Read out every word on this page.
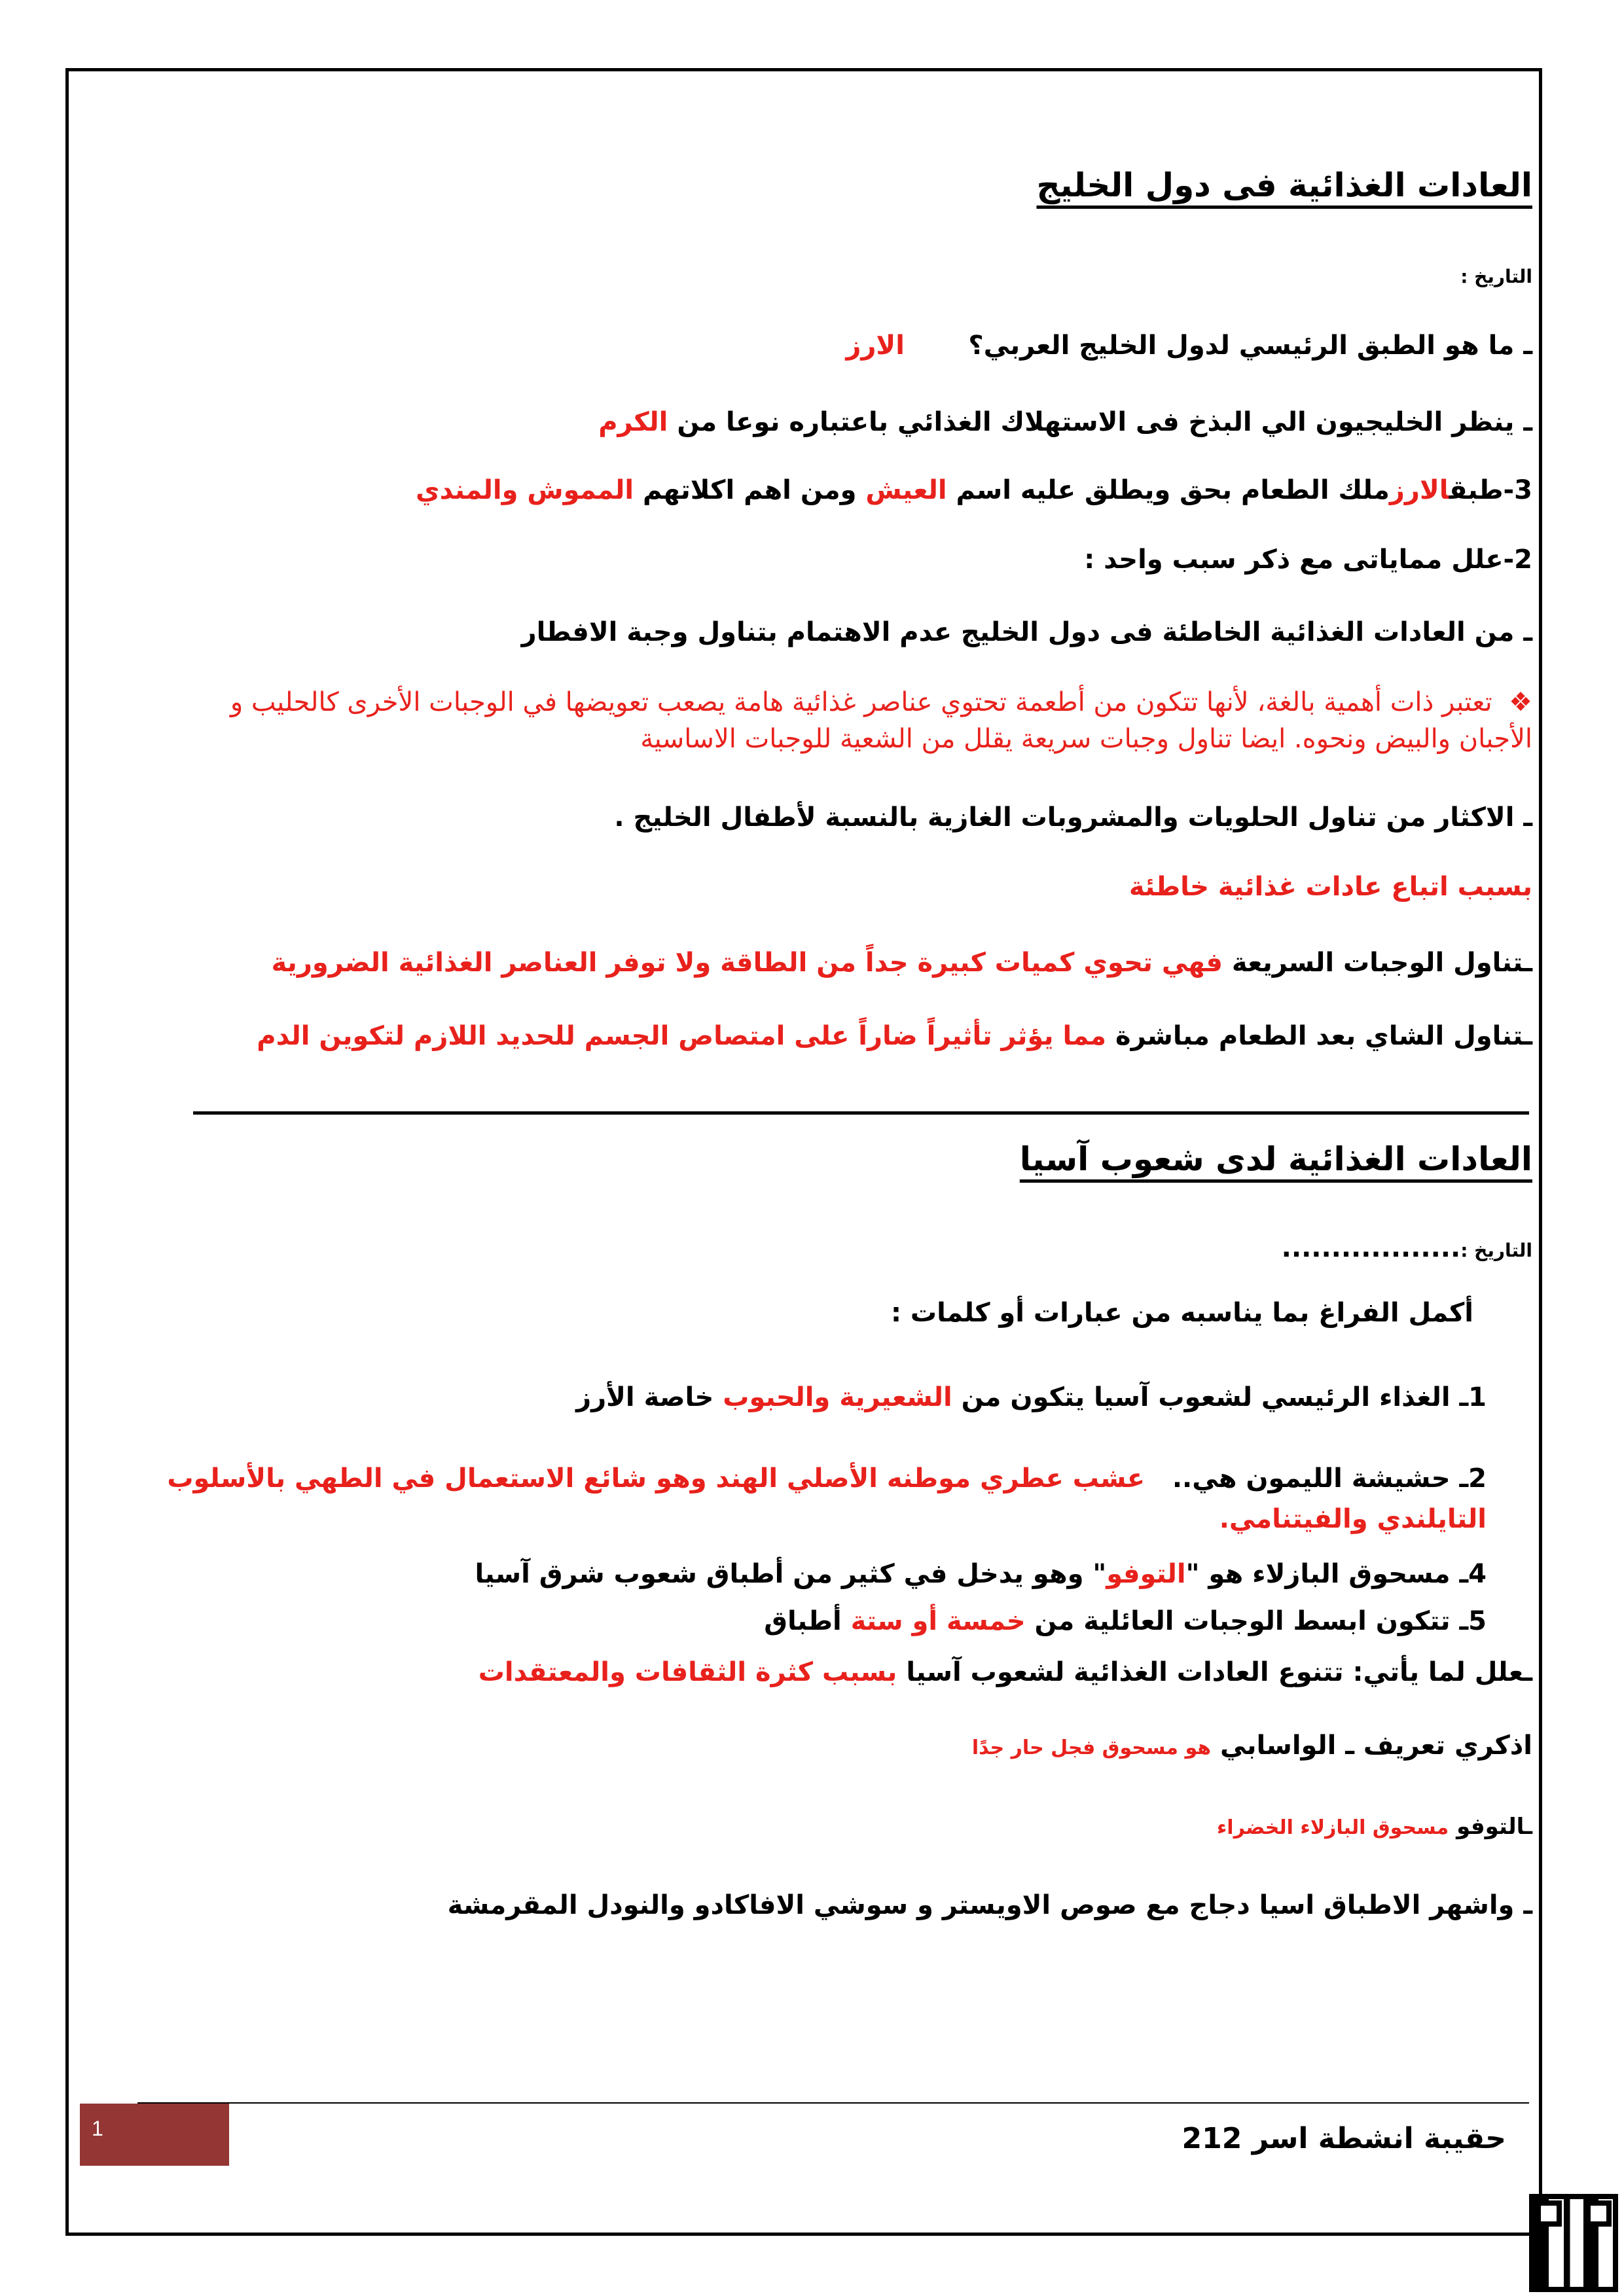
العادات الغذائية فى دول الخليج
التاريخ :
ـ ما هو الطبق الرئيسي لدول الخليج العربي؟       الارز
ـ ينظر الخليجيون الي البذخ فى الاستهلاك الغذائي باعتباره نوعا من الكرم
3-طبقالارزملك الطعام بحق ويطلق عليه اسم العيش ومن اهم اكلاتهم المموش والمندي
2-علل مماياتى مع ذكر سبب واحد :
ـ من العادات الغذائية الخاطئة فى دول الخليج عدم الاهتمام بتناول وجبة الافطار
❖  تعتبر ذات أهمية بالغة، لأنها تتكون من أطعمة تحتوي عناصر غذائية هامة يصعب تعويضها في الوجبات الأخرى كالحليب و الأجبان والبيض ونحوه. ايضا تناول وجبات سريعة يقلل من الشعية للوجبات الاساسية
ـ الاكثار من تناول الحلويات والمشروبات الغازية بالنسبة لأطفال الخليج .
بسبب اتباع عادات غذائية خاطئة
ـتناول الوجبات السريعة فهي تحوي كميات كبيرة جداً من الطاقة ولا توفر العناصر الغذائية الضرورية
ـتناول الشاي بعد الطعام مباشرة مما يؤثر تأثيراً ضاراً على امتصاص الجسم للحديد اللازم لتكوين الدم
العادات الغذائية لدى شعوب آسيا
التاريخ :..................
أكمل الفراغ بما يناسبه من عبارات أو كلمات :
1ـ الغذاء الرئيسي لشعوب آسيا يتكون من الشعيرية والحبوب خاصة الأرز
2ـ حشيشة الليمون هي..   عشب عطري موطنه الأصلي الهند وهو شائع الاستعمال في الطهي بالأسلوب التايلندي والفيتنامي.
4ـ مسحوق البازلاء هو "التوفو" وهو يدخل في كثير من أطباق شعوب شرق آسيا
5ـ تتكون ابسط الوجبات العائلية من خمسة أو ستة أطباق
ـعلل لما يأتي: تتنوع العادات الغذائية لشعوب آسيا بسبب كثرة الثقافات والمعتقدات
اذكري تعريف ـ الواسابي هو مسحوق فجل حار جدًا
ـالتوفو مسحوق البازلاء الخضراء
ـ واشهر الاطباق اسيا دجاج مع صوص الاويستر و سوشي الافاكادو والنودل المقرمشة
1	حقيبة انشطة اسر 212
